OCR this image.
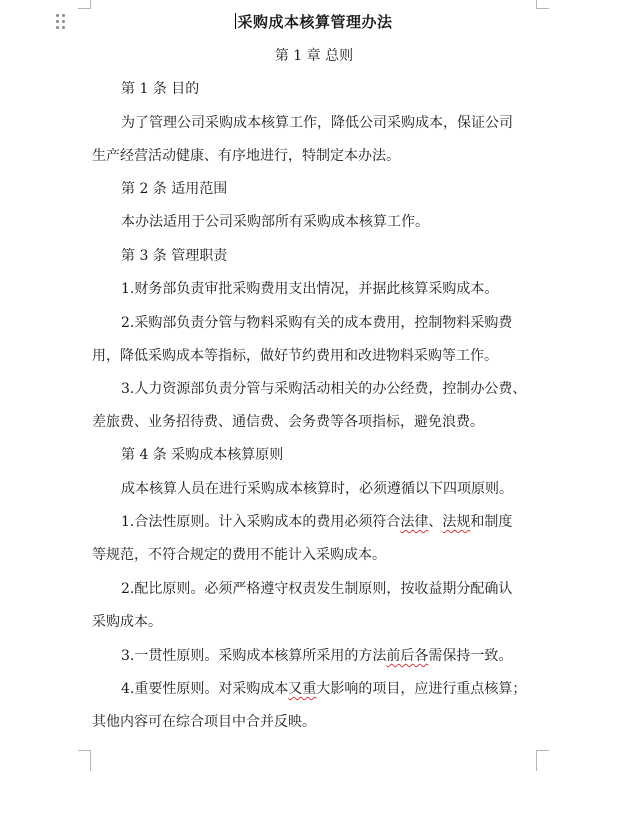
采购成本核算管理办法
第 1 章 总则
第 1 条 目的
为了管理公司采购成本核算工作，降低公司采购成本，保证公司
生产经营活动健康、有序地进行，特制定本办法。
第 2 条 适用范围
本办法适用于公司采购部所有采购成本核算工作。
第 3 条 管理职责
1.财务部负责审批采购费用支出情况，并据此核算采购成本。
2.采购部负责分管与物料采购有关的成本费用，控制物料采购费
用，降低采购成本等指标，做好节约费用和改进物料采购等工作。
3.人力资源部负责分管与采购活动相关的办公经费，控制办公费、
差旅费、业务招待费、通信费、会务费等各项指标，避免浪费。
第 4 条 采购成本核算原则
成本核算人员在进行采购成本核算时，必须遵循以下四项原则。
1.合法性原则。计入采购成本的费用必须符合法律、法规和制度
等规范，不符合规定的费用不能计入采购成本。
2.配比原则。必须严格遵守权责发生制原则，按收益期分配确认
采购成本。
3.一贯性原则。采购成本核算所采用的方法前后各需保持一致。
4.重要性原则。对采购成本又重大影响的项目，应进行重点核算；
其他内容可在综合项目中合并反映。
